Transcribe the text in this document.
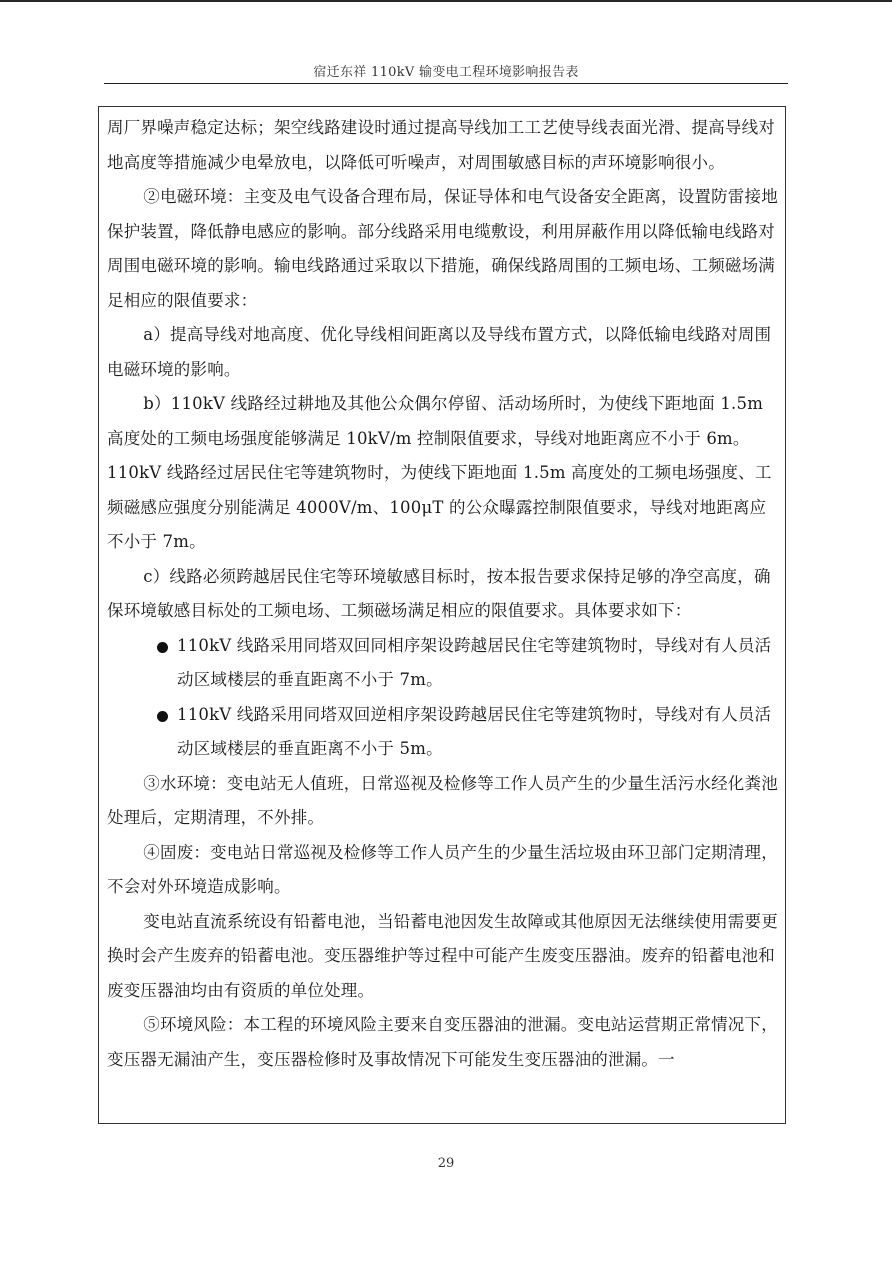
宿迁东祥 110kV 输变电工程环境影响报告表

周厂界噪声稳定达标；架空线路建设时通过提高导线加工工艺使导线表面光滑、提高导线对地高度等措施减少电晕放电，以降低可听噪声，对周围敏感目标的声环境影响很小。

②电磁环境：主变及电气设备合理布局，保证导体和电气设备安全距离，设置防雷接地保护装置，降低静电感应的影响。部分线路采用电缆敷设，利用屏蔽作用以降低输电线路对周围电磁环境的影响。输电线路通过采取以下措施，确保线路周围的工频电场、工频磁场满足相应的限值要求：

a）提高导线对地高度、优化导线相间距离以及导线布置方式，以降低输电线路对周围电磁环境的影响。

b）110kV 线路经过耕地及其他公众偶尔停留、活动场所时，为使线下距地面 1.5m 高度处的工频电场强度能够满足 10kV/m 控制限值要求，导线对地距离应不小于 6m。110kV 线路经过居民住宅等建筑物时，为使线下距地面 1.5m 高度处的工频电场强度、工频磁感应强度分别能满足 4000V/m、100μT 的公众曝露控制限值要求，导线对地距离应不小于 7m。

c）线路必须跨越居民住宅等环境敏感目标时，按本报告要求保持足够的净空高度，确保环境敏感目标处的工频电场、工频磁场满足相应的限值要求。具体要求如下：

110kV 线路采用同塔双回同相序架设跨越居民住宅等建筑物时，导线对有人员活动区域楼层的垂直距离不小于 7m。
110kV 线路采用同塔双回逆相序架设跨越居民住宅等建筑物时，导线对有人员活动区域楼层的垂直距离不小于 5m。

③水环境：变电站无人值班，日常巡视及检修等工作人员产生的少量生活污水经化粪池处理后，定期清理，不外排。

④固废：变电站日常巡视及检修等工作人员产生的少量生活垃圾由环卫部门定期清理，不会对外环境造成影响。

变电站直流系统设有铅蓄电池，当铅蓄电池因发生故障或其他原因无法继续使用需要更换时会产生废弃的铅蓄电池。变压器维护等过程中可能产生废变压器油。废弃的铅蓄电池和废变压器油均由有资质的单位处理。

⑤环境风险：本工程的环境风险主要来自变压器油的泄漏。变电站运营期正常情况下，变压器无漏油产生，变压器检修时及事故情况下可能发生变压器油的泄漏。一

29
